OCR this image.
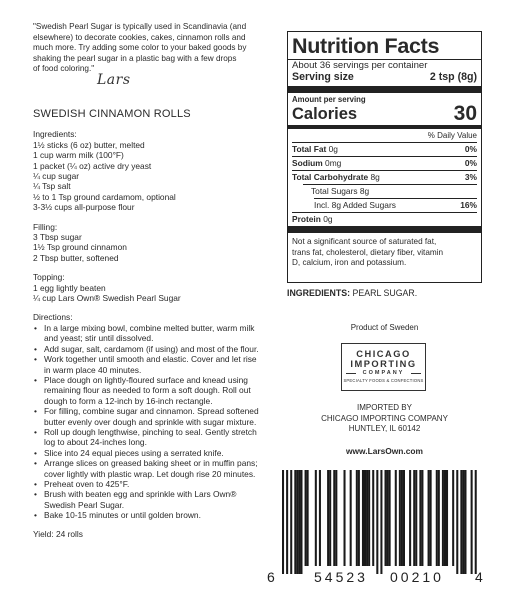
"Swedish Pearl Sugar is typically used in Scandinavia (and
elsewhere) to decorate cookies, cakes, cinnamon rolls and
much more. Try adding some color to your baked goods by
shaking the pearl sugar in a plastic bag with a few drops
of food coloring."
Lars
SWEDISH CINNAMON ROLLS
Ingredients:
1½ sticks (6 oz) butter, melted
1 cup warm milk (100°F)
1 packet (¼ oz) active dry yeast
¼ cup sugar
¼ Tsp salt
½ to 1 Tsp ground cardamom, optional
3-3½ cups all-purpose flour
Filling:
3 Tbsp sugar
1½ Tsp ground cinnamon
2 Tbsp butter, softened
Topping:
1 egg lightly beaten
¼ cup Lars Own® Swedish Pearl Sugar
Directions:
• In a large mixing bowl, combine melted butter, warm milk
and yeast; stir until dissolved.
• Add sugar, salt, cardamom (if using) and most of the flour.
• Work together until smooth and elastic. Cover and let rise
in warm place 40 minutes.
• Place dough on lightly-floured surface and knead using
remaining flour as needed to form a soft dough. Roll out
dough to form a 12-inch by 16-inch rectangle.
• For filling, combine sugar and cinnamon. Spread softened
butter evenly over dough and sprinkle with sugar mixture.
• Roll up dough lengthwise, pinching to seal. Gently stretch
log to about 24-inches long.
• Slice into 24 equal pieces using a serrated knife.
• Arrange slices on greased baking sheet or in muffin pans;
cover lightly with plastic wrap. Let dough rise 20 minutes.
• Preheat oven to 425°F.
• Brush with beaten egg and sprinkle with Lars Own®
Swedish Pearl Sugar.
• Bake 10-15 minutes or until golden brown.
Yield: 24 rolls
Nutrition Facts
About 36 servings per container
Serving size	2 tsp (8g)
Amount per serving
Calories	30
% Daily Value
Total Fat 0g	0%
Sodium 0mg	0%
Total Carbohydrate 8g	3%
Total Sugars 8g
Incl. 8g Added Sugars	16%
Protein 0g
Not a significant source of saturated fat,
trans fat, cholesterol, dietary fiber, vitamin
D, calcium, iron and potassium.
INGREDIENTS: PEARL SUGAR.
Product of Sweden
CHICAGO
IMPORTING
COMPANY
SPECIALTY FOODS & CONFECTIONS
IMPORTED BY
CHICAGO IMPORTING COMPANY
HUNTLEY, IL 60142
www.LarsOwn.com
6	54523 00210 4
